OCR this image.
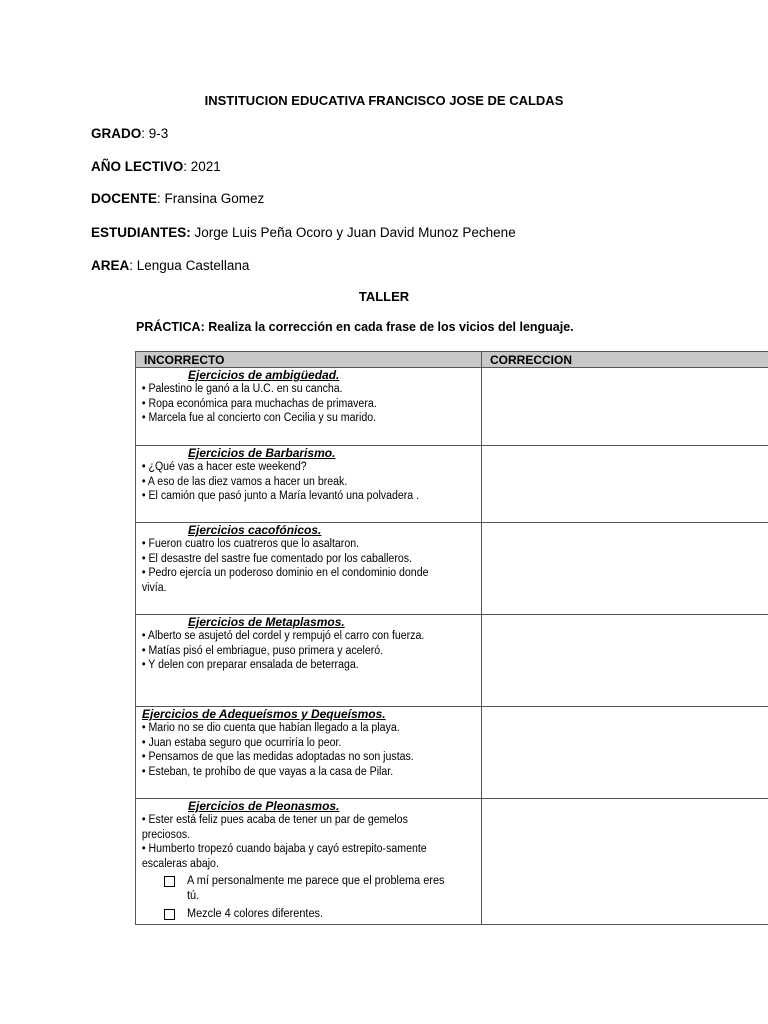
INSTITUCION EDUCATIVA FRANCISCO JOSE DE CALDAS
GRADO: 9-3
AÑO LECTIVO: 2021
DOCENTE: Fransina Gomez
ESTUDIANTES: Jorge Luis Peña Ocoro y Juan David Munoz Pechene
AREA: Lengua Castellana
TALLER
PRÁCTICA: Realiza la corrección en cada frase de los vicios del lenguaje.
INCORRECTO	CORRECCION

Ejercicios de ambigüedad.
• Palestino le ganó a la U.C. en su cancha.
• Ropa económica para muchachas de primavera.
• Marcela fue al concierto con Cecilia y su marido.	

Ejercicios de Barbarismo.
• ¿Qué vas a hacer este weekend?
• A eso de las diez vamos a hacer un break.
• El camión que pasó junto a María levantó una polvadera .	

Ejercicios cacofónicos.
• Fueron cuatro los cuatreros que lo asaltaron.
• El desastre del sastre fue comentado por los caballeros.
• Pedro ejercía un poderoso dominio en el condominio donde vivía.	

Ejercicios de Metaplasmos.
• Alberto se asujetó del cordel y rempujó el carro con fuerza.
• Matías pisó el embriague, puso primera y aceleró.
• Y delen con preparar ensalada de beterraga.	

Ejercicios de Adequeísmos y Dequeísmos.
• Mario no se dio cuenta que habían llegado a la playa.
• Juan estaba seguro que ocurriría lo peor.
• Pensamos de que las medidas adoptadas no son justas.
• Esteban, te prohíbo de que vayas a la casa de Pilar.	

Ejercicios de Pleonasmos.
• Ester está feliz pues acaba de tener un par de gemelos preciosos.
• Humberto tropezó cuando bajaba y cayó estrepito-samente escaleras abajo.
A mí personalmente me parece que el problema eres tú.
Mezcle 4 colores diferentes.	
